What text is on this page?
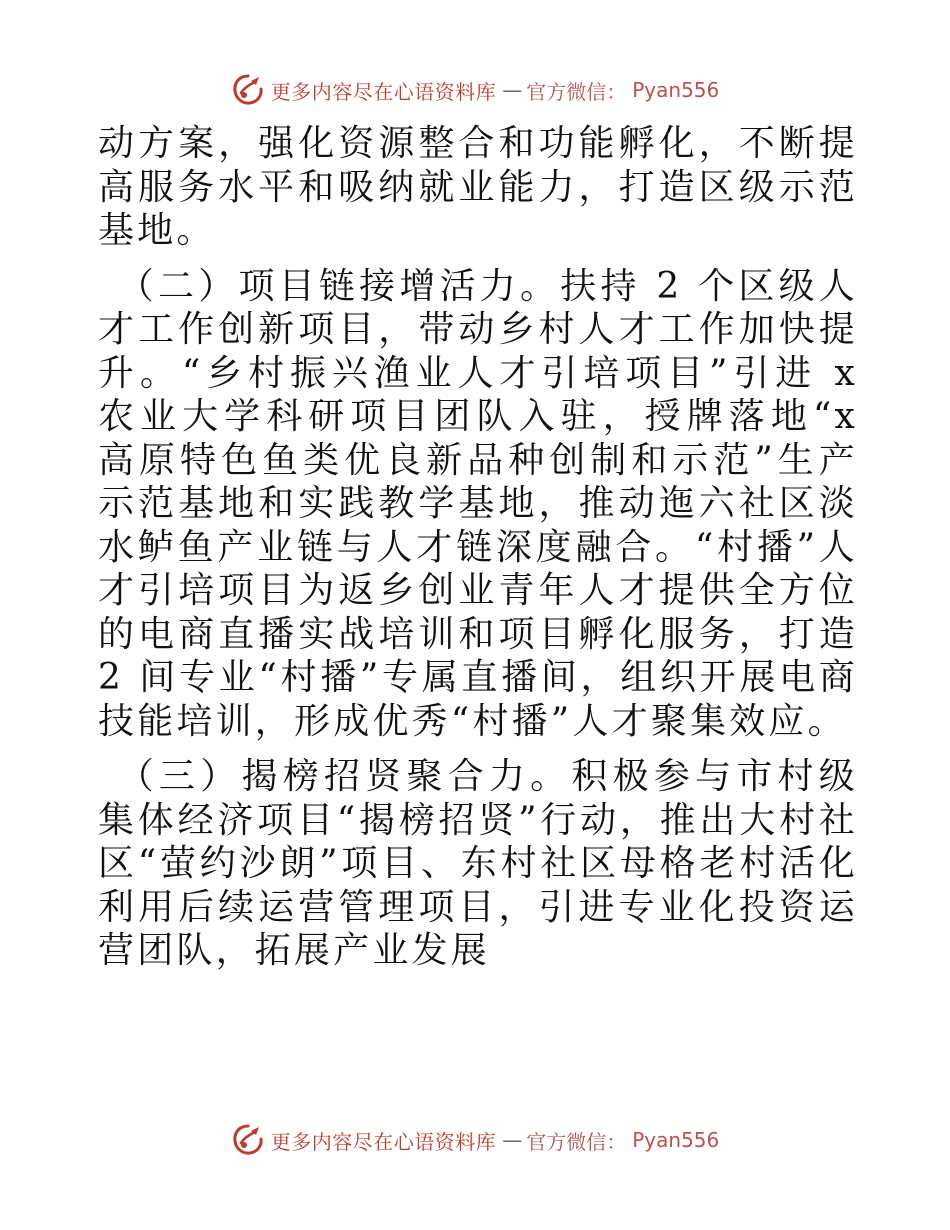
更多内容尽在心语资料库 — 官方微信： Pyan556

动方案，强化资源整合和功能孵化，不断提高服务水平和吸纳就业能力，打造区级示范基地。

（二）项目链接增活力。扶持 2 个区级人才工作创新项目，带动乡村人才工作加快提升。“乡村振兴渔业人才引培项目”引进 x 农业大学科研项目团队入驻，授牌落地“x 高原特色鱼类优良新品种创制和示范”生产示范基地和实践教学基地，推动迤六社区淡水鲈鱼产业链与人才链深度融合。“村播”人才引培项目为返乡创业青年人才提供全方位的电商直播实战培训和项目孵化服务，打造 2 间专业“村播”专属直播间，组织开展电商技能培训，形成优秀“村播”人才聚集效应。

（三）揭榜招贤聚合力。积极参与市村级集体经济项目“揭榜招贤”行动，推出大村社区“萤约沙朗”项目、东村社区母格老村活化利用后续运营管理项目，引进专业化投资运营团队，拓展产业发展

更多内容尽在心语资料库 — 官方微信： Pyan556
